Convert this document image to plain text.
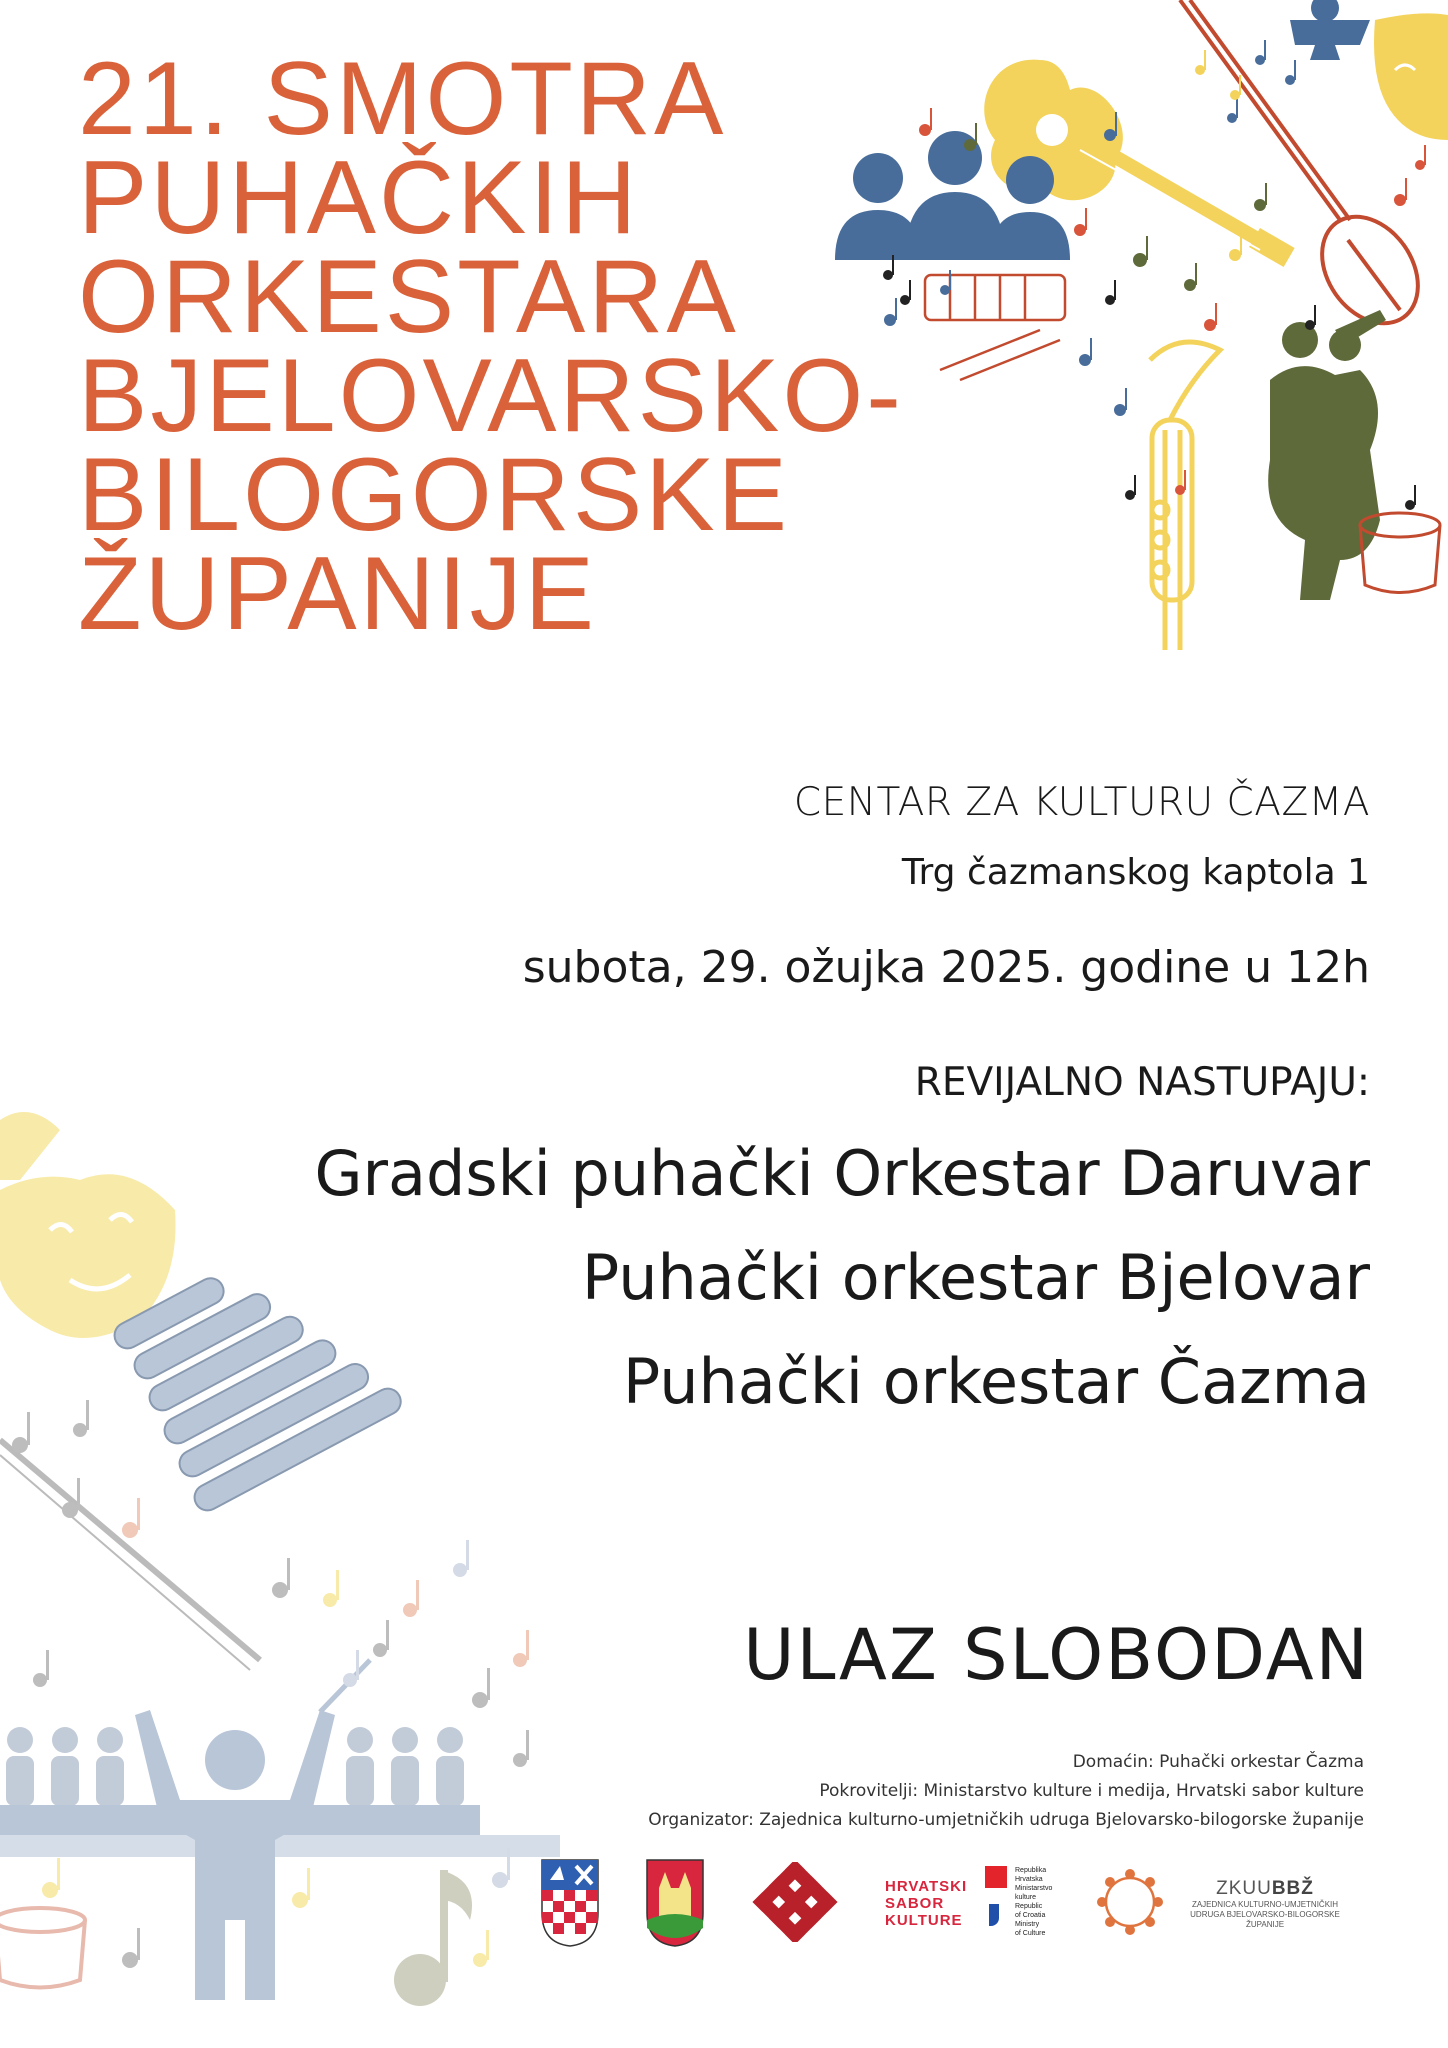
21. SMOTRA
PUHAČKIH
ORKESTARA
BJELOVARSKO-
BILOGORSKE
ŽUPANIJE
CENTAR ZA KULTURU ČAZMA
Trg čazmanskog kaptola 1
subota, 29. ožujka 2025. godine u 12h
REVIJALNO NASTUPAJU:
Gradski puhački Orkestar Daruvar
Puhački orkestar Bjelovar
Puhački orkestar Čazma
ULAZ SLOBODAN
Domaćin: Puhački orkestar Čazma
Pokrovitelji: Ministarstvo kulture i medija, Hrvatski sabor kulture
Organizator: Zajednica kulturno-umjetničkih udruga Bjelovarsko-bilogorske županije
HRVATSKI
SABOR
KULTURE
Republika
Hrvatska
Ministarstvo
kulture
Republic
of Croatia
Ministry
of Culture
ZKUUBBŽ
ZAJEDNICA KULTURNO-UMJETNIČKIH
UDRUGA BJELOVARSKO-BILOGORSKE
ŽUPANIJE
